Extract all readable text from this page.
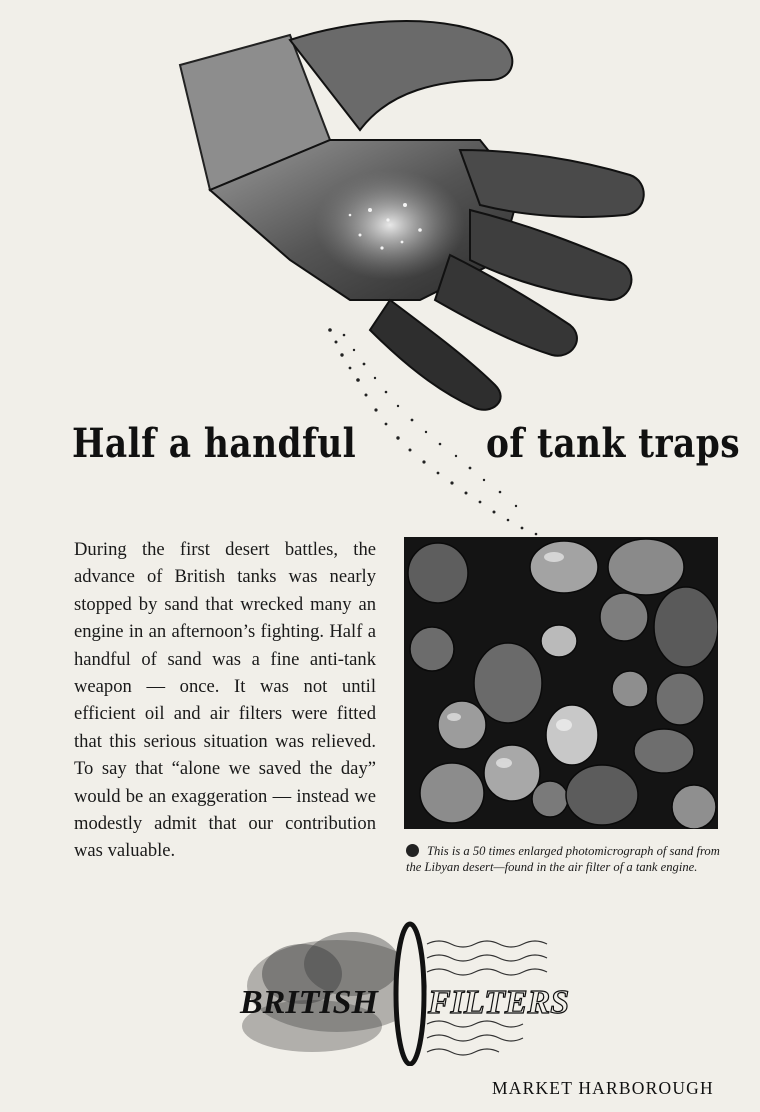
Half a handful	of tank traps

During the first desert battles, the advance of British tanks was nearly stopped by sand that wrecked many an engine in an afternoon’s fighting. Half a handful of sand was a fine anti-tank weapon — once. It was not until efficient oil and air filters were fitted that this serious situation was relieved. To say that “alone we saved the day” would be an exaggeration — instead we modestly admit that our contribution was valuable.	This is a 50 times enlarged photomicrograph of sand from the Libyan desert—found in the air filter of a tank engine.

BRITISH FILTERS

MARKET HARBOROUGH
